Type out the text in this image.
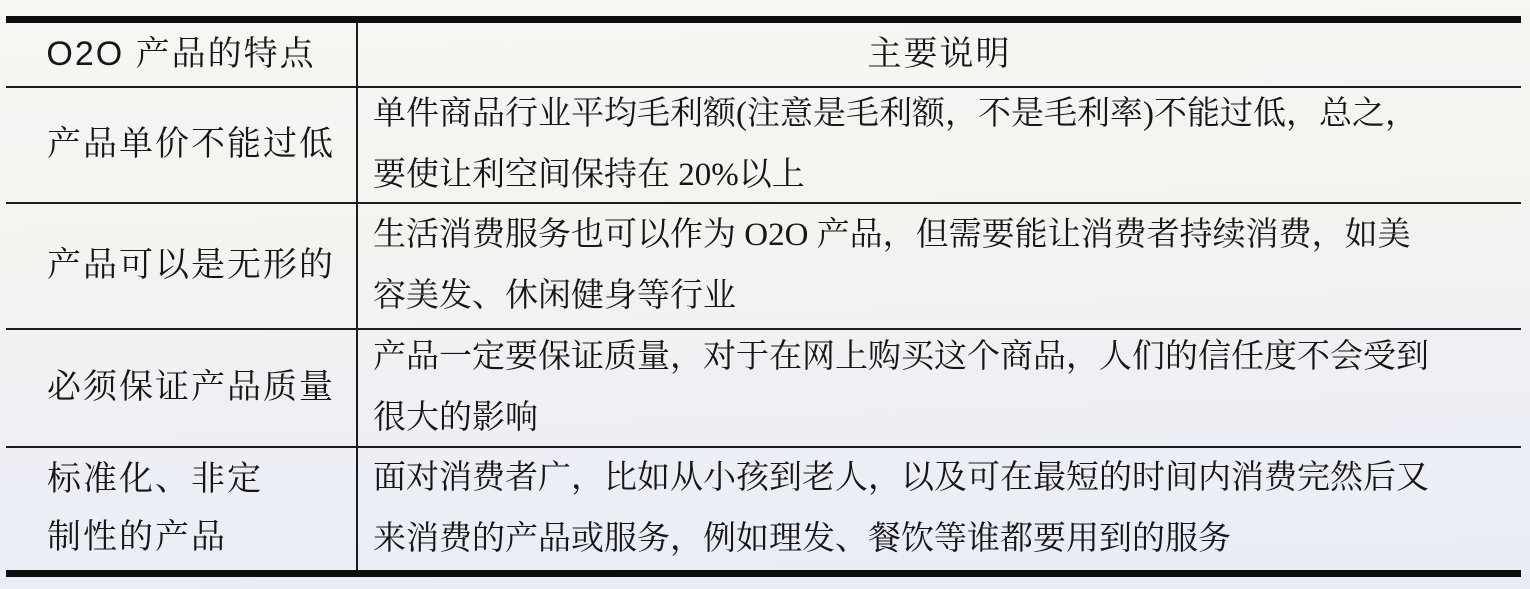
O2O 产品的特点	主要说明
产品单价不能过低
单件商品行业平均毛利额(注意是毛利额，不是毛利率)不能过低，总之，
要使让利空间保持在 20%以上
产品可以是无形的
生活消费服务也可以作为 O2O 产品，但需要能让消费者持续消费，如美
容美发、休闲健身等行业
必须保证产品质量
产品一定要保证质量，对于在网上购买这个商品，人们的信任度不会受到
很大的影响
标准化、非定
制性的产品
面对消费者广，比如从小孩到老人，以及可在最短的时间内消费完然后又
来消费的产品或服务，例如理发、餐饮等谁都要用到的服务
